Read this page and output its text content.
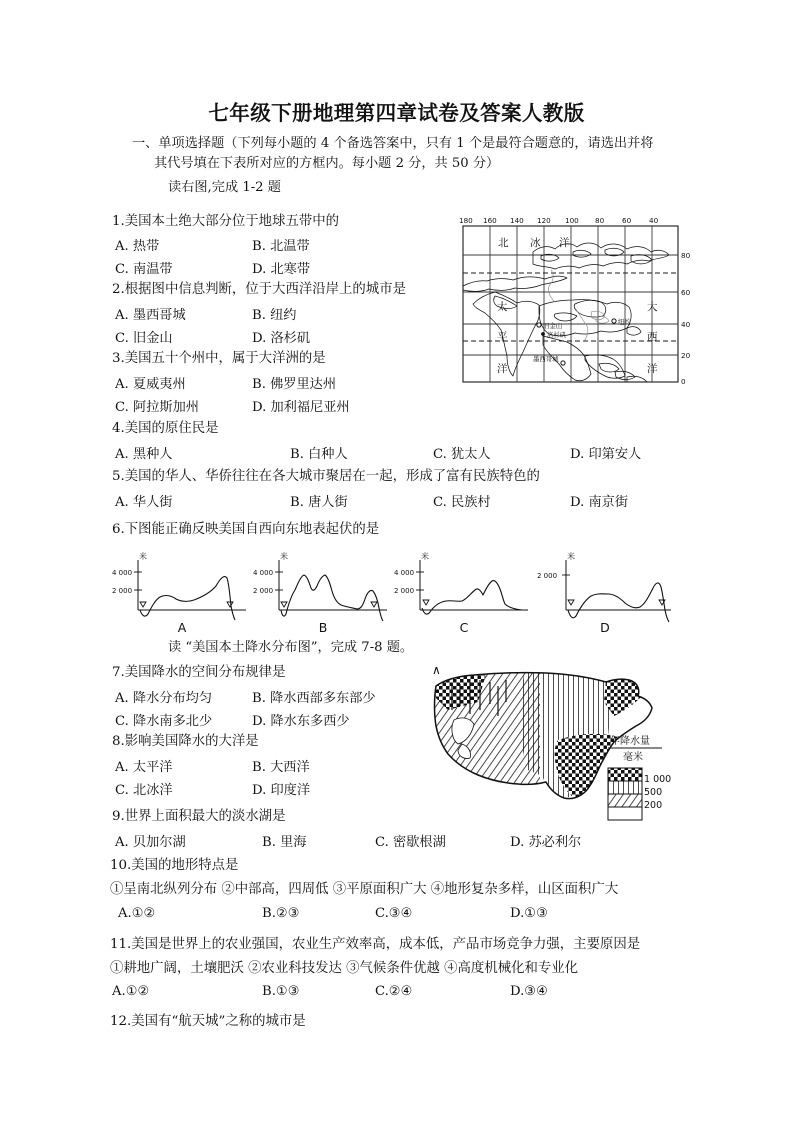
七年级下册地理第四章试卷及答案人教版
一、单项选择题（下列每小题的 4 个备选答案中，只有 1 个是最符合题意的，请选出并将
其代号填在下表所对应的方框内。每小题 2 分，共 50 分）
读右图,完成 1-2 题
1.美国本土绝大部分位于地球五带中的
A. 热带	B. 北温带
C. 南温带	D. 北寒带
2.根据图中信息判断，位于大西洋沿岸上的城市是
A. 墨西哥城	B. 纽约
C. 旧金山	D. 洛杉矶
3.美国五十个州中，属于大洋洲的是
A. 夏威夷州	B. 佛罗里达州
C. 阿拉斯加州	D. 加利福尼亚州
4.美国的原住民是
A. 黑种人	B. 白种人	C. 犹太人	D. 印第安人
5.美国的华人、华侨往往在各大城市聚居在一起，形成了富有民族特色的
A. 华人街	B. 唐人街	C. 民族村	D. 南京街
6.下图能正确反映美国自西向东地表起伏的是
180 160 140 120 100 80 60 40
80
60
40
20
0
北 冰 洋
太
平
洋
大
西
洋
旧金山
洛杉矶
墨西哥城
纽约
米
4 000
2 000
A
米
4 000
2 000
B
米
4 000
2 000
C
米
2 000
D
读 “美国本土降水分布图”，完成 7-8 题。
7.美国降水的空间分布规律是
A. 降水分布均匀	B. 降水西部多东部少
C. 降水南多北少	D. 降水东多西少
8.影响美国降水的大洋是
A. 太平洋	B. 大西洋
C. 北冰洋	D. 印度洋
∧
年降水量
毫米
1 000
500
200
9.世界上面积最大的淡水湖是
A. 贝加尔湖	B. 里海	C. 密歇根湖	D. 苏必利尔
10.美国的地形特点是
①呈南北纵列分布 ②中部高，四周低 ③平原面积广大 ④地形复杂多样，山区面积广大
A.①②	B.②③	C.③④	D.①③
11.美国是世界上的农业强国，农业生产效率高，成本低，产品市场竞争力强，主要原因是
①耕地广阔，土壤肥沃 ②农业科技发达 ③气候条件优越 ④高度机械化和专业化
A.①②	B.①③	C.②④	D.③④
12.美国有“航天城”之称的城市是
